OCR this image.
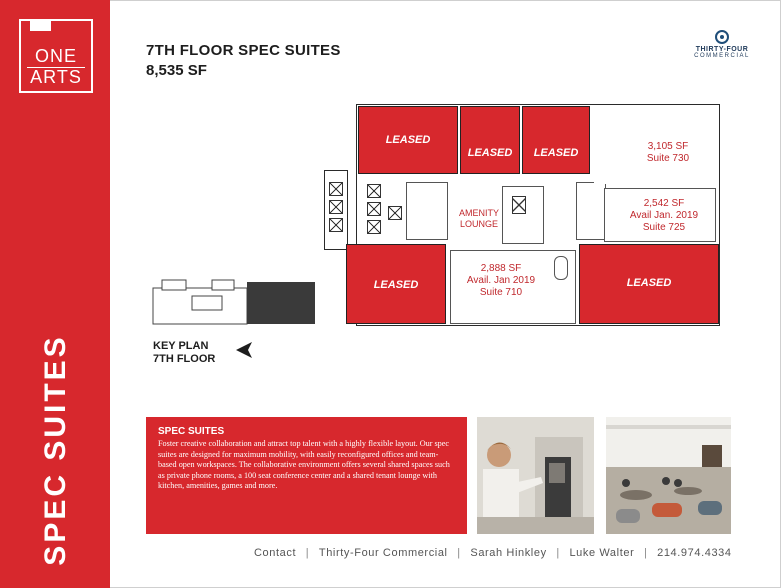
ONE
ARTS
SPEC SUITES
7TH FLOOR SPEC SUITES
8,535 SF
THIRTY-FOUR
COMMERCIAL
LEASED
LEASED	LEASED
LEASED	LEASED
3,105 SF
Suite 730
2,542 SF
Avail Jan. 2019
Suite 725
AMENITY
LOUNGE
2,888 SF
Avail. Jan 2019
Suite 710
KEY PLAN
7TH FLOOR
SPEC SUITES
Foster creative collaboration and attract top talent with a highly flexible layout. Our spec suites are designed for maximum mobility, with easily reconfigured offices and team-based open workspaces. The collaborative environment offers several shared spaces such as private phone rooms, a 100 seat conference center and a shared tenant lounge with kitchen, amenities, games and more.
Contact | Thirty-Four Commercial | Sarah Hinkley | Luke Walter | 214.974.4334
